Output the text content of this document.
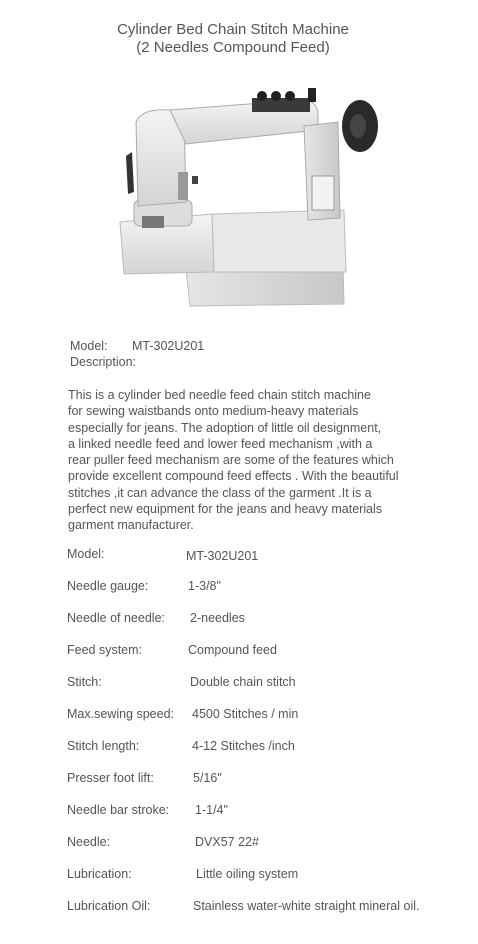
Cylinder Bed Chain Stitch Machine
(2 Needles Compound Feed)
Model: MT-302U201
Description:
This is a cylinder bed needle feed chain stitch machine
for sewing waistbands onto medium-heavy materials
especially for jeans. The adoption of little oil designment,
a linked needle feed and lower feed mechanism ,with a
rear puller feed mechanism are some of the features which
provide excellent compound feed effects . With the beautiful
stitches ,it can advance the class of the garment .It is a
perfect new equipment for the jeans and heavy materials
garment manufacturer.
Model:	MT-302U201
Needle gauge:	1-3/8"
Needle of needle: 2-needles
Feed system:	Compound feed
Stitch:	Double chain stitch
Max.sewing speed: 4500 Stitches / min
Stitch length:	4-12 Stitches /inch
Presser foot lift:	5/16"
Needle bar stroke: 1-1/4"
Needle:	DVX57 22#
Lubrication:	Little oiling system
Lubrication Oil:	Stainless water-white straight mineral oil.
